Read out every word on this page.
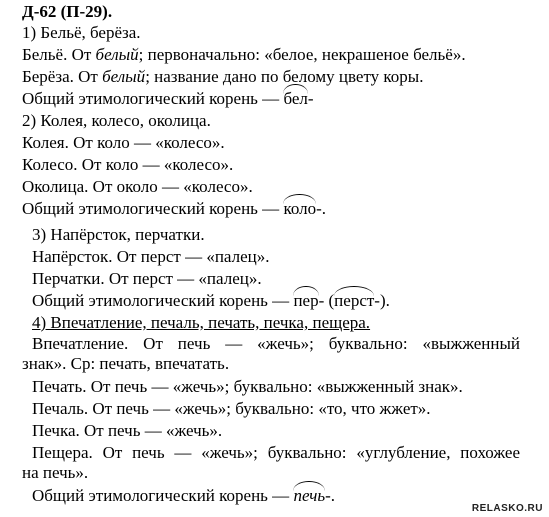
Д-62 (П-29).
1) Бельё, берёза.
Бельё. От белый; первоначально: «белое, некрашеное бельё».
Берёза. От белый; название дано по белому цвету коры.
Общий этимологический корень —
бел-
2) Колея, колесо, околица.
Колея. От коло — «колесо».
Колесо. От коло — «колесо».
Околица. От около — «колесо».
Общий этимологический корень —
коло-.
3) Напёрсток, перчатки.
Напёрсток. От перст — «палец».
Перчатки. От перст — «палец».
Общий этимологический корень —
пер- (
перст-).
4) Впечатление, печаль, печать, печка, пещера.
Впечатление. От печь — «жечь»; буквально: «выжженный
знак». Ср: печать, впечатать.
Печать. От печь — «жечь»; буквально: «выжженный знак».
Печаль. От печь — «жечь»; буквально: «то, что жжет».
Печка. От печь — «жечь».
Пещера. От печь — «жечь»; буквально: «углубление, похожее
на печь».
Общий этимологический корень —
печь-.
RELASKO.RU
